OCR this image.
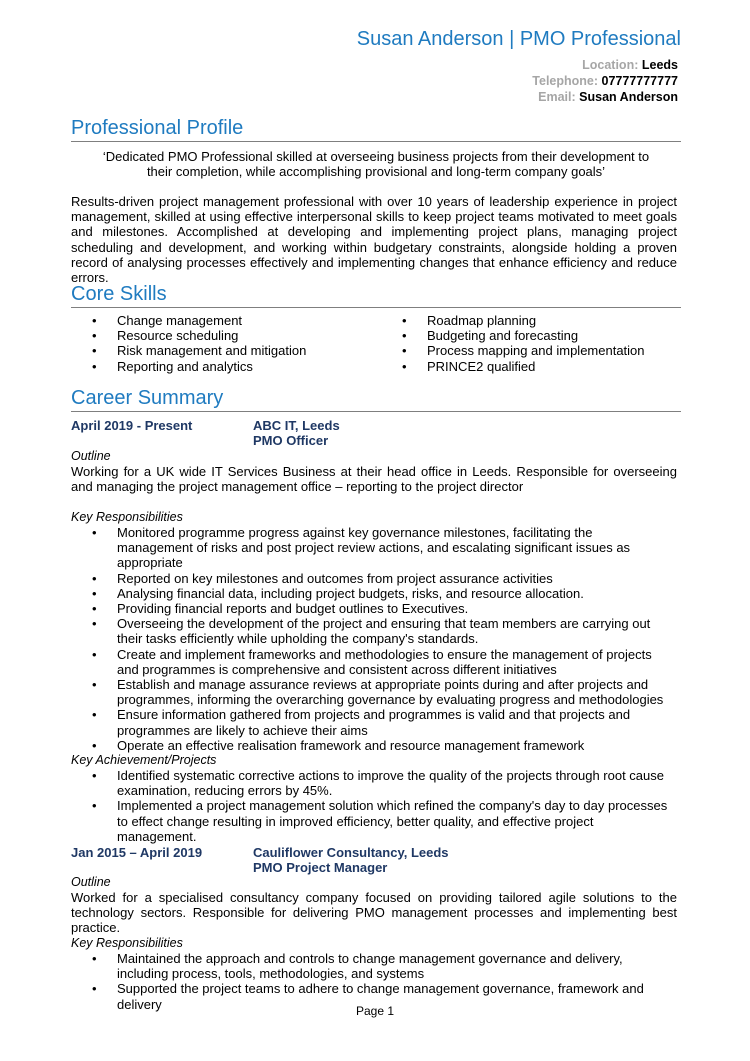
Susan Anderson | PMO Professional
Location: Leeds
Telephone: 07777777777
Email: Susan Anderson
Professional Profile
‘Dedicated PMO Professional skilled at overseeing business projects from their development to their completion, while accomplishing provisional and long-term company goals’
Results-driven project management professional with over 10 years of leadership experience in project management, skilled at using effective interpersonal skills to keep project teams motivated to meet goals and milestones. Accomplished at developing and implementing project plans, managing project scheduling and development, and working within budgetary constraints, alongside holding a proven record of analysing processes effectively and implementing changes that enhance efficiency and reduce errors.
Core Skills
• Change management
• Resource scheduling
• Risk management and mitigation
• Reporting and analytics
• Roadmap planning
• Budgeting and forecasting
• Process mapping and implementation
• PRINCE2 qualified
Career Summary
April 2019 - Present	ABC IT, Leeds
PMO Officer
Outline
Working for a UK wide IT Services Business at their head office in Leeds. Responsible for overseeing and managing the project management office – reporting to the project director
Key Responsibilities
• Monitored programme progress against key governance milestones, facilitating the management of risks and post project review actions, and escalating significant issues as appropriate
• Reported on key milestones and outcomes from project assurance activities
• Analysing financial data, including project budgets, risks, and resource allocation.
• Providing financial reports and budget outlines to Executives.
• Overseeing the development of the project and ensuring that team members are carrying out their tasks efficiently while upholding the company's standards.
• Create and implement frameworks and methodologies to ensure the management of projects and programmes is comprehensive and consistent across different initiatives
• Establish and manage assurance reviews at appropriate points during and after projects and programmes, informing the overarching governance by evaluating progress and methodologies
• Ensure information gathered from projects and programmes is valid and that projects and programmes are likely to achieve their aims
• Operate an effective realisation framework and resource management framework
Key Achievement/Projects
• Identified systematic corrective actions to improve the quality of the projects through root cause examination, reducing errors by 45%.
• Implemented a project management solution which refined the company's day to day processes to effect change resulting in improved efficiency, better quality, and effective project management.
Jan 2015 – April 2019	Cauliflower Consultancy, Leeds
PMO Project Manager
Outline
Worked for a specialised consultancy company focused on providing tailored agile solutions to the technology sectors. Responsible for delivering PMO management processes and implementing best practice.
Key Responsibilities
• Maintained the approach and controls to change management governance and delivery, including process, tools, methodologies, and systems
• Supported the project teams to adhere to change management governance, framework and delivery	Page 1
